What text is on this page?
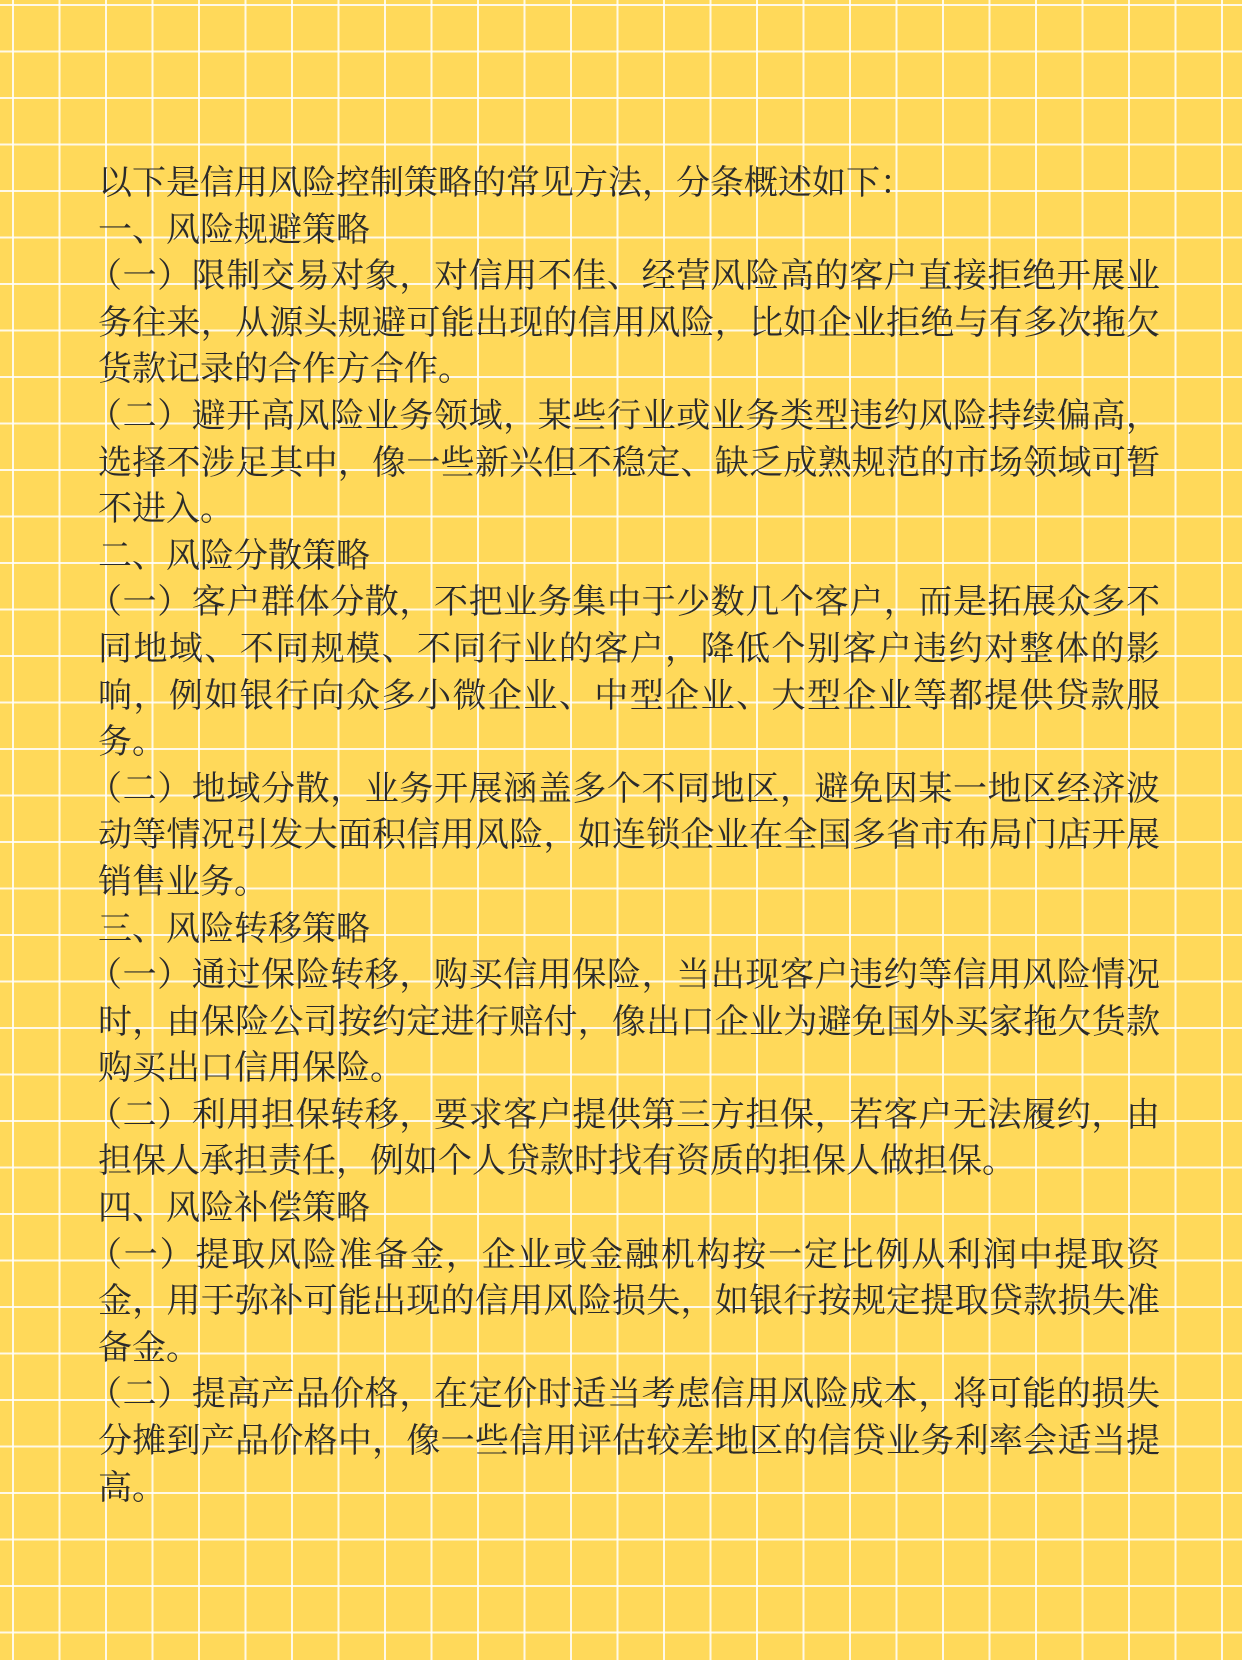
以下是信用风险控制策略的常见方法，分条概述如下：

一、风险规避策略

（一）限制交易对象，对信用不佳、经营风险高的客户直接拒绝开展业务往来，从源头规避可能出现的信用风险，比如企业拒绝与有多次拖欠货款记录的合作方合作。

（二）避开高风险业务领域，某些行业或业务类型违约风险持续偏高，选择不涉足其中，像一些新兴但不稳定、缺乏成熟规范的市场领域可暂不进入。

二、风险分散策略

（一）客户群体分散，不把业务集中于少数几个客户，而是拓展众多不同地域、不同规模、不同行业的客户，降低个别客户违约对整体的影响，例如银行向众多小微企业、中型企业、大型企业等都提供贷款服务。

（二）地域分散，业务开展涵盖多个不同地区，避免因某一地区经济波动等情况引发大面积信用风险，如连锁企业在全国多省市布局门店开展销售业务。

三、风险转移策略

（一）通过保险转移，购买信用保险，当出现客户违约等信用风险情况时，由保险公司按约定进行赔付，像出口企业为避免国外买家拖欠货款购买出口信用保险。

（二）利用担保转移，要求客户提供第三方担保，若客户无法履约，由担保人承担责任，例如个人贷款时找有资质的担保人做担保。

四、风险补偿策略

（一）提取风险准备金，企业或金融机构按一定比例从利润中提取资金，用于弥补可能出现的信用风险损失，如银行按规定提取贷款损失准备金。

（二）提高产品价格，在定价时适当考虑信用风险成本，将可能的损失分摊到产品价格中，像一些信用评估较差地区的信贷业务利率会适当提高。
